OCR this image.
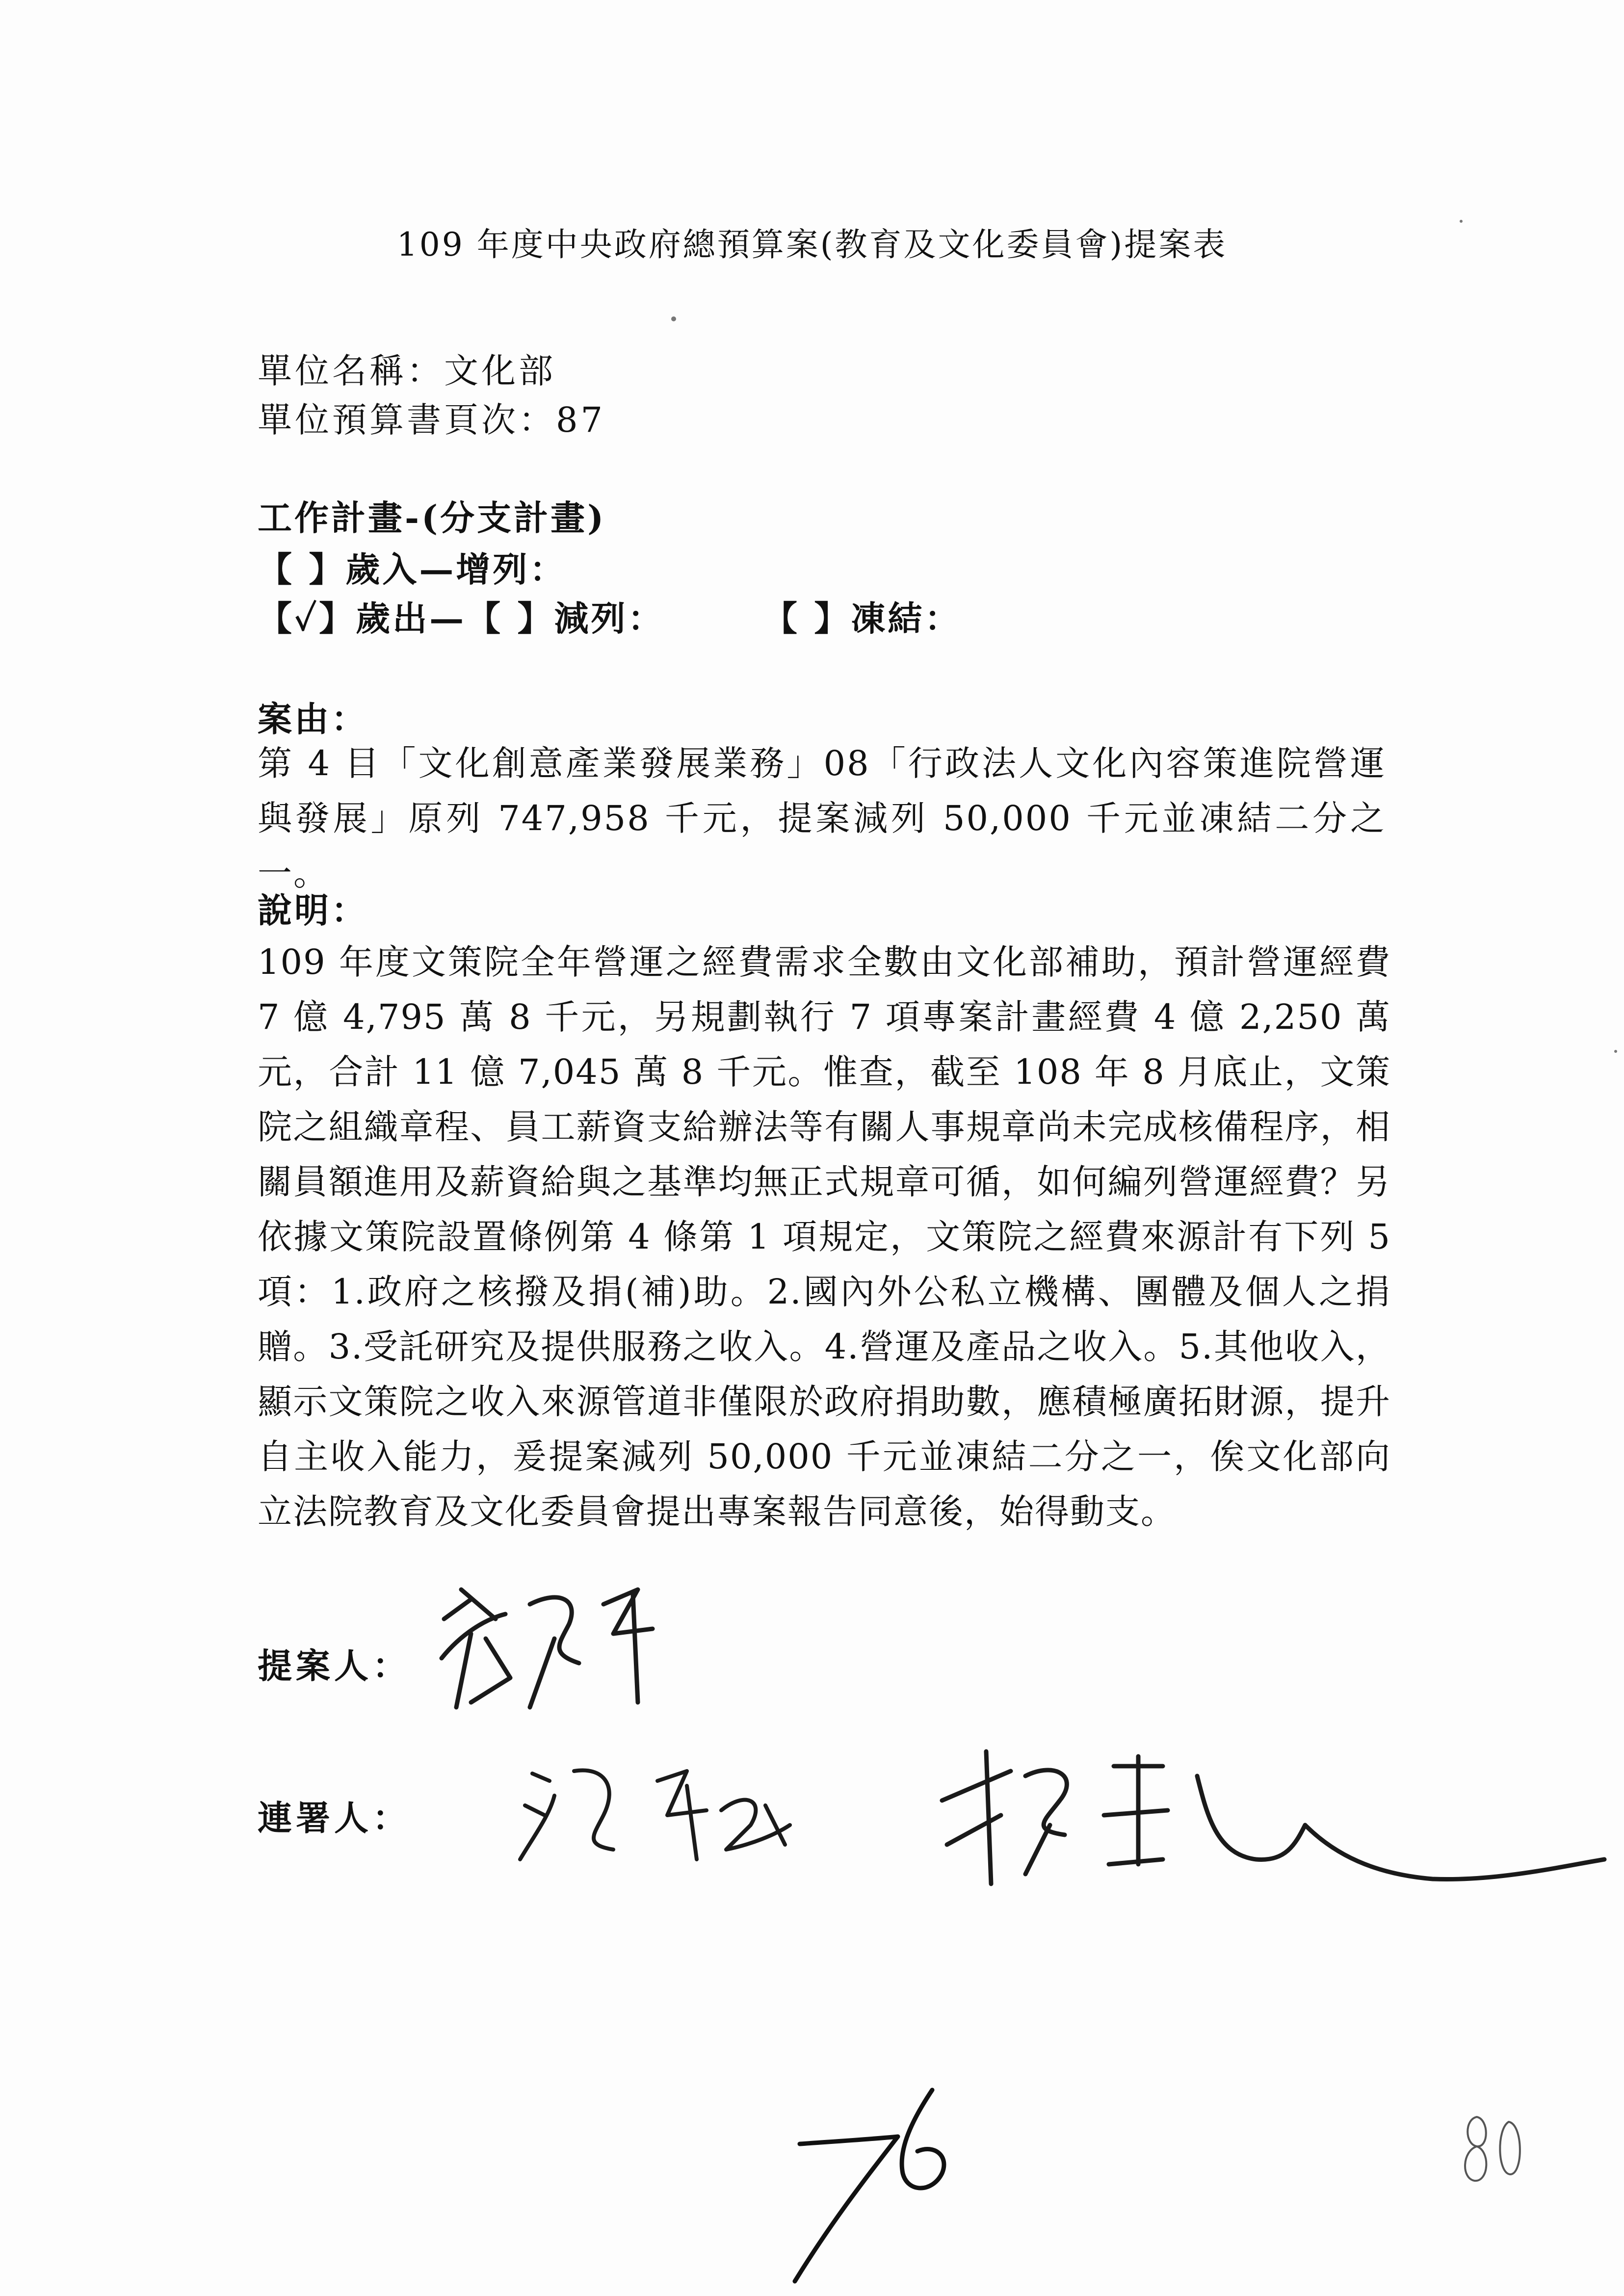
109 年度中央政府總預算案(教育及文化委員會)提案表
單位名稱：文化部
單位預算書頁次：87
工作計畫-(分支計畫)
【 】歲入—增列：
【✓】歲出—【 】減列：	【 】凍結：
案由：
第 4 目「文化創意產業發展業務」08「行政法人文化內容策進院營運與發展」原列 747,958 千元，提案減列 50,000 千元並凍結二分之一。
說明：
109 年度文策院全年營運之經費需求全數由文化部補助，預計營運經費 7 億 4,795 萬 8 千元，另規劃執行 7 項專案計畫經費 4 億 2,250 萬元，合計 11 億 7,045 萬 8 千元。惟查，截至 108 年 8 月底止，文策院之組織章程、員工薪資支給辦法等有關人事規章尚未完成核備程序，相關員額進用及薪資給與之基準均無正式規章可循，如何編列營運經費？另依據文策院設置條例第 4 條第 1 項規定，文策院之經費來源計有下列 5 項：1.政府之核撥及捐(補)助。2.國內外公私立機構、團體及個人之捐贈。3.受託研究及提供服務之收入。4.營運及產品之收入。5.其他收入，顯示文策院之收入來源管道非僅限於政府捐助數，應積極廣拓財源，提升自主收入能力，爰提案減列 50,000 千元並凍結二分之一，俟文化部向立法院教育及文化委員會提出專案報告同意後，始得動支。
提案人：
連署人：
